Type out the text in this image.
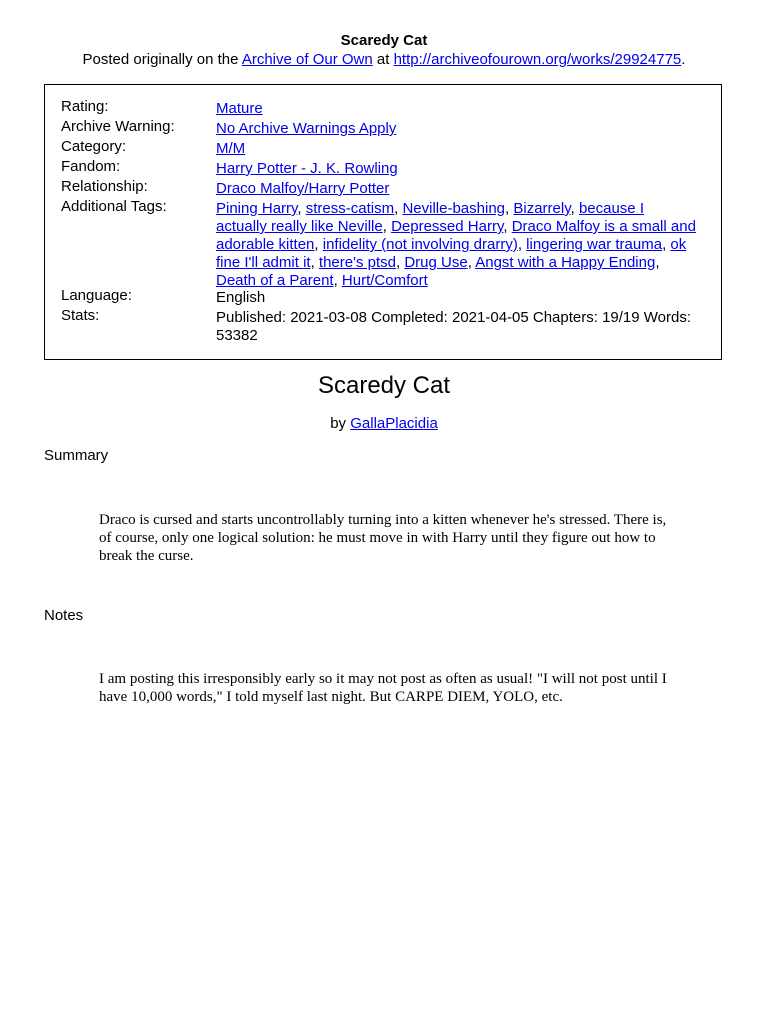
Scaredy Cat
Posted originally on the Archive of Our Own at http://archiveofourown.org/works/29924775.
Rating:	Mature
Archive Warning:	No Archive Warnings Apply
Category:	M/M
Fandom:	Harry Potter - J. K. Rowling
Relationship:	Draco Malfoy/Harry Potter
Additional Tags:	Pining Harry, stress-catism, Neville-bashing, Bizarrely, because I actually really like Neville, Depressed Harry, Draco Malfoy is a small and adorable kitten, infidelity (not involving drarry), lingering war trauma, ok fine I'll admit it, there's ptsd, Drug Use, Angst with a Happy Ending, Death of a Parent, Hurt/Comfort
Language:	English
Stats:	Published: 2021-03-08 Completed: 2021-04-05 Chapters: 19/19 Words: 53382
Scaredy Cat
by GallaPlacidia
Summary
Draco is cursed and starts uncontrollably turning into a kitten whenever he's stressed. There is, of course, only one logical solution: he must move in with Harry until they figure out how to break the curse.
Notes
I am posting this irresponsibly early so it may not post as often as usual! "I will not post until I have 10,000 words," I told myself last night. But CARPE DIEM, YOLO, etc.
